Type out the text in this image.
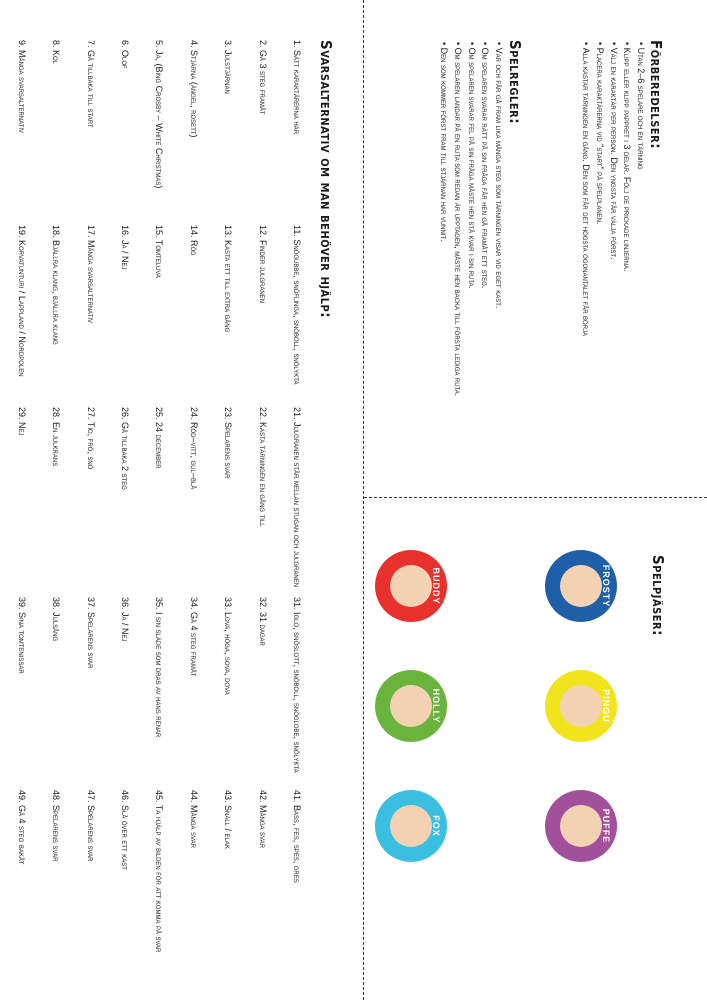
Förberedelser:
• Utan 2–6 spelare och en tärning
• Klipp eller klipp pappret i 3 delar. Följ de prickade linjerna.
• Välj en karaktär per person. Den yngsta får välja först.
• Placera karaktärerna vid "start" på spelplanen.
• Alla kastar tärningen en gång. Den som får det högsta ögonantalet får börja
Spelregler:
• Var och får gå fram lika många steg som tärningen visar vid eget kast.
• Om spelaren svarar rätt på sin fråga får hen gå framåt ett steg.
• Om spelaren svarar fel på sin fråga måste hen stå kvar i sin ruta.
• Om spelaren landar på en ruta som redan är upptagen, måste hen backa till första lediga ruta.
• Den som kommer först fram till stjärnan har vunnit.
Spelpjäser:
FROSTY
PINGU
PUFFE
BUDDY
HOLLY
FOX
Svarsalternativ om man behöver hjälp:
1. Sätt karaktärerna här
2. Gå 3 steg framåt
3. Julstjärnan
4. Stjärna (ängel, rosett)
5. Ja, (Bing Crosby – White Christmas)
6. Olof
7. Gå tillbaka till start
8. Kol
9. Många svarsalternativ
11. Snögubbe, snöflinga, snöboll, snölykta
12. Finder julgranen
13. Kasta ett till extra gång
14. Röd
15. Tomteluva
16. Ja / Nej
17. Många svarsalternativ
18. Bjällra klang, bjällra klang
19. Korvatunturi / Lappland / Nordpolen
21. Julgranen står mellan stugan och julgranen
22. Kasta tärningen en gång till
23. Spelarens svar
24. Röd–vitt, gul–blå
25. 24 december
26. Gå tillbaka 2 steg
27. Tio, frö, snö
28. En julkrans
29. Nej
31. Iglo, snöslott, snöboll, snöglobe, snölykta
32. 31 dagar
33. Lova, höga, sova, dova
34. Gå 4 steg framåt
35. I sin släde som dras av hans renar
36. Ja / Nej
37. Spelarens svar
38. Julsång
39. Sina tomtenissar
41. Bass, fes, spes, gres
42. Många svar
43. Snäll / elak
44. Många svar
45. Ta hjälp av bilden för att komma på svar
46. Slå över ett kast
47. Spelarens svar
48. Spelarens svar
49. Gå 4 steg bakåt
